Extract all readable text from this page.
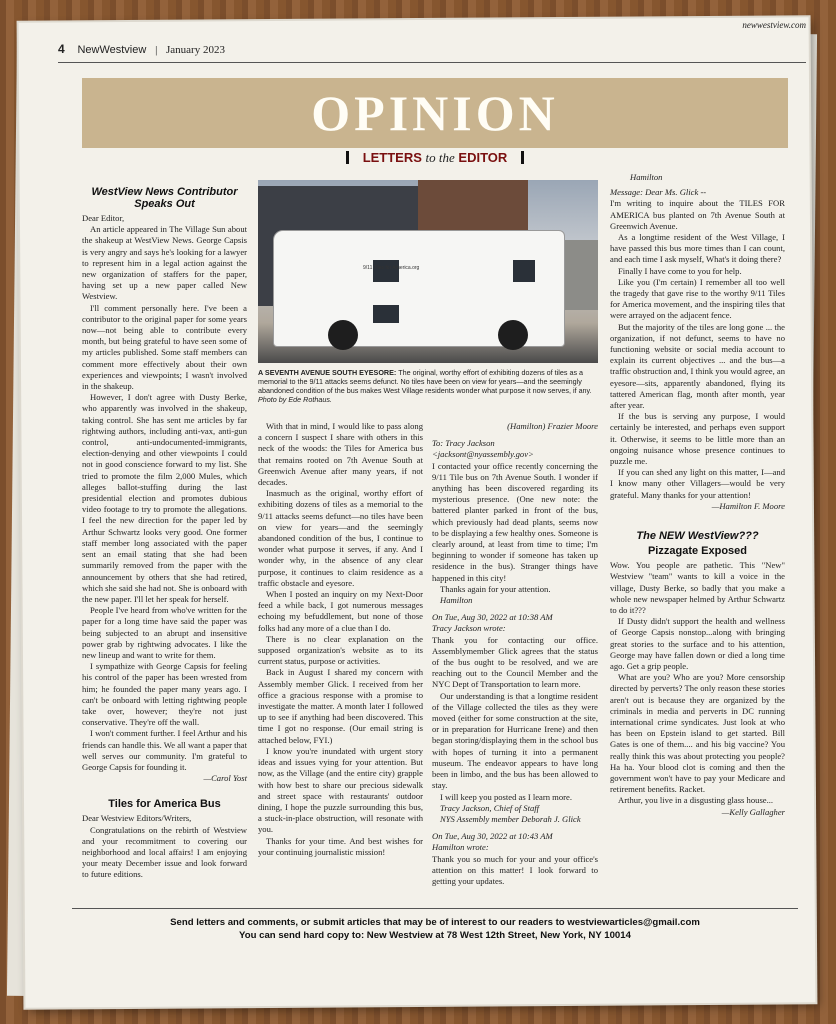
4 NewWestview | January 2023
newwestview.com
OPINION
LETTERS to the EDITOR
WestView News Contributor Speaks Out

Dear Editor,

An article appeared in The Village Sun about the shakeup at WestView News. George Capsis is very angry and says he's looking for a lawyer to represent him in a legal action against the new organization of staffers for the paper, having set up a new paper called New Westview.

I'll comment personally here. I've been a contributor to the original paper for some years now—not being able to contribute every month, but being grateful to have seen some of my articles published. Some staff members can comment more effectively about their own experiences and viewpoints; I wasn't involved in the shakeup.

However, I don't agree with Dusty Berke, who apparently was involved in the shakeup, taking control. She has sent me articles by far rightwing authors, including anti-vax, anti-gun control, anti-undocumented-immigrants, election-denying and other viewpoints I could not in good conscience forward to my list. She tried to promote the film 2,000 Mules, which alleges ballot-stuffing during the last presidential election and promotes dubious video footage to try to promote the allegations. I feel the new direction for the paper led by Arthur Schwartz looks very good. One former staff member long associated with the paper sent an email stating that she had been summarily removed from the paper with the announcement by others that she had retired, which she said she had not. She is onboard with the new paper. I'll let her speak for herself.

People I've heard from who've written for the paper for a long time have said the paper was being subjected to an abrupt and insensitive power grab by rightwing advocates. I like the new lineup and want to write for them.

I sympathize with George Capsis for feeling his control of the paper has been wrested from him; he founded the paper many years ago. I can't be onboard with letting rightwing people take over, however; they're not just conservative. They're off the wall.

I won't comment further. I feel Arthur and his friends can handle this. We all want a paper that well serves our community. I'm grateful to George Capsis for founding it.

—Carol Yost
Tiles for America Bus

Dear Westview Editors/Writers,

Congratulations on the rebirth of Westview and your recommitment to covering our neighborhood and local affairs! I am enjoying your meaty December issue and look forward to future editions.

9/11 Tiles for America.org
A SEVENTH AVENUE SOUTH EYESORE: The original, worthy effort of exhibiting dozens of tiles as a memorial to the 9/11 attacks seems defunct. No tiles have been on view for years—and the seemingly abandoned condition of the bus makes West Village residents wonder what purpose it now serves, if any. Photo by Ede Rothaus.

With that in mind, I would like to pass along a concern I suspect I share with others in this neck of the woods: the Tiles for America bus that remains rooted on 7th Avenue South at Greenwich Avenue after many years, if not decades.

Inasmuch as the original, worthy effort of exhibiting dozens of tiles as a memorial to the 9/11 attacks seems defunct—no tiles have been on view for years—and the seemingly abandoned condition of the bus, I continue to wonder what purpose it serves, if any. And I wonder why, in the absence of any clear purpose, it continues to claim residence as a traffic obstacle and eyesore.

When I posted an inquiry on my Next-Door feed a while back, I got numerous messages echoing my befuddlement, but none of those folks had any more of a clue than I do.

There is no clear explanation on the supposed organization's website as to its current status, purpose or activities.

Back in August I shared my concern with Assembly member Glick. I received from her office a gracious response with a promise to investigate the matter. A month later I followed up to see if anything had been discovered. This time I got no response. (Our email string is attached below, FYI.)

I know you're inundated with urgent story ideas and issues vying for your attention. But now, as the Village (and the entire city) grapple with how best to share our precious sidewalk and street space with restaurants' outdoor dining, I hope the puzzle surrounding this bus, a stuck-in-place obstruction, will resonate with you.

Thanks for your time. And best wishes for your continuing journalistic mission!

(Hamilton) Frazier Moore
To: Tracy Jackson
<jacksont@nyassembly.gov>

I contacted your office recently concerning the 9/11 Tile bus on 7th Avenue South. I wonder if anything has been discovered regarding its mysterious presence. (One new note: the battered planter parked in front of the bus, which previously had dead plants, seems now to be displaying a few healthy ones. Someone is clearly around, at least from time to time; I'm beginning to wonder if someone has taken up residence in the bus). Stranger things have happened in this city!

Thanks again for your attention.

Hamilton

On Tue, Aug 30, 2022 at 10:38 AM
Tracy Jackson wrote:

Thank you for contacting our office. Assemblymember Glick agrees that the status of the bus ought to be resolved, and we are reaching out to the Council Member and the NYC Dept of Transportation to learn more.

Our understanding is that a longtime resident of the Village collected the tiles as they were moved (either for some construction at the site, or in preparation for Hurricane Irene) and then began storing/displaying them in the school bus with hopes of turning it into a permanent museum. The endeavor appears to have long been in limbo, and the bus has been allowed to stay.

I will keep you posted as I learn more.

Tracy Jackson, Chief of Staff

NYS Assembly member Deborah J. Glick

On Tue, Aug 30, 2022 at 10:43 AM
Hamilton wrote:

Thank you so much for your and your office's attention on this matter! I look forward to getting your updates.

Hamilton

Message: Dear Ms. Glick --

I'm writing to inquire about the TILES FOR AMERICA bus planted on 7th Avenue South at Greenwich Avenue.

As a longtime resident of the West Village, I have passed this bus more times than I can count, and each time I ask myself, What's it doing there?

Finally I have come to you for help.

Like you (I'm certain) I remember all too well the tragedy that gave rise to the worthy 9/11 Tiles for America movement, and the inspiring tiles that were arrayed on the adjacent fence.

But the majority of the tiles are long gone ... the organization, if not defunct, seems to have no functioning website or social media account to explain its current objectives ... and the bus—a traffic obstruction and, I think you would agree, an eyesore—sits, apparently abandoned, flying its tattered American flag, month after month, year after year.

If the bus is serving any purpose, I would certainly be interested, and perhaps even support it. Otherwise, it seems to be little more than an ongoing nuisance whose presence continues to puzzle me.

If you can shed any light on this matter, I—and I know many other Villagers—would be very grateful. Many thanks for your attention!

—Hamilton F. Moore
The NEW WestView???
Pizzagate Exposed

Wow. You people are pathetic. This "New" Westview "team" wants to kill a voice in the village, Dusty Berke, so badly that you make a whole new newspaper helmed by Arthur Schwartz to do it???

If Dusty didn't support the health and wellness of George Capsis nonstop...along with bringing great stories to the surface and to his attention, George may have fallen down or died a long time ago. Get a grip people.

What are you? Who are you? More censorship directed by perverts? The only reason these stories aren't out is because they are organized by the criminals in media and perverts in DC running international crime syndicates. Just look at who has been on Epstein island to get started. Bill Gates is one of them.... and his big vaccine? You really think this was about protecting you people? Ha ha. Your blood clot is coming and then the government won't have to pay your Medicare and retirement benefits. Racket.

Arthur, you live in a disgusting glass house...

—Kelly Gallagher
Send letters and comments, or submit articles that may be of interest to our readers to westviewarticles@gmail.com
You can send hard copy to: New Westview at 78 West 12th Street, New York, NY 10014
